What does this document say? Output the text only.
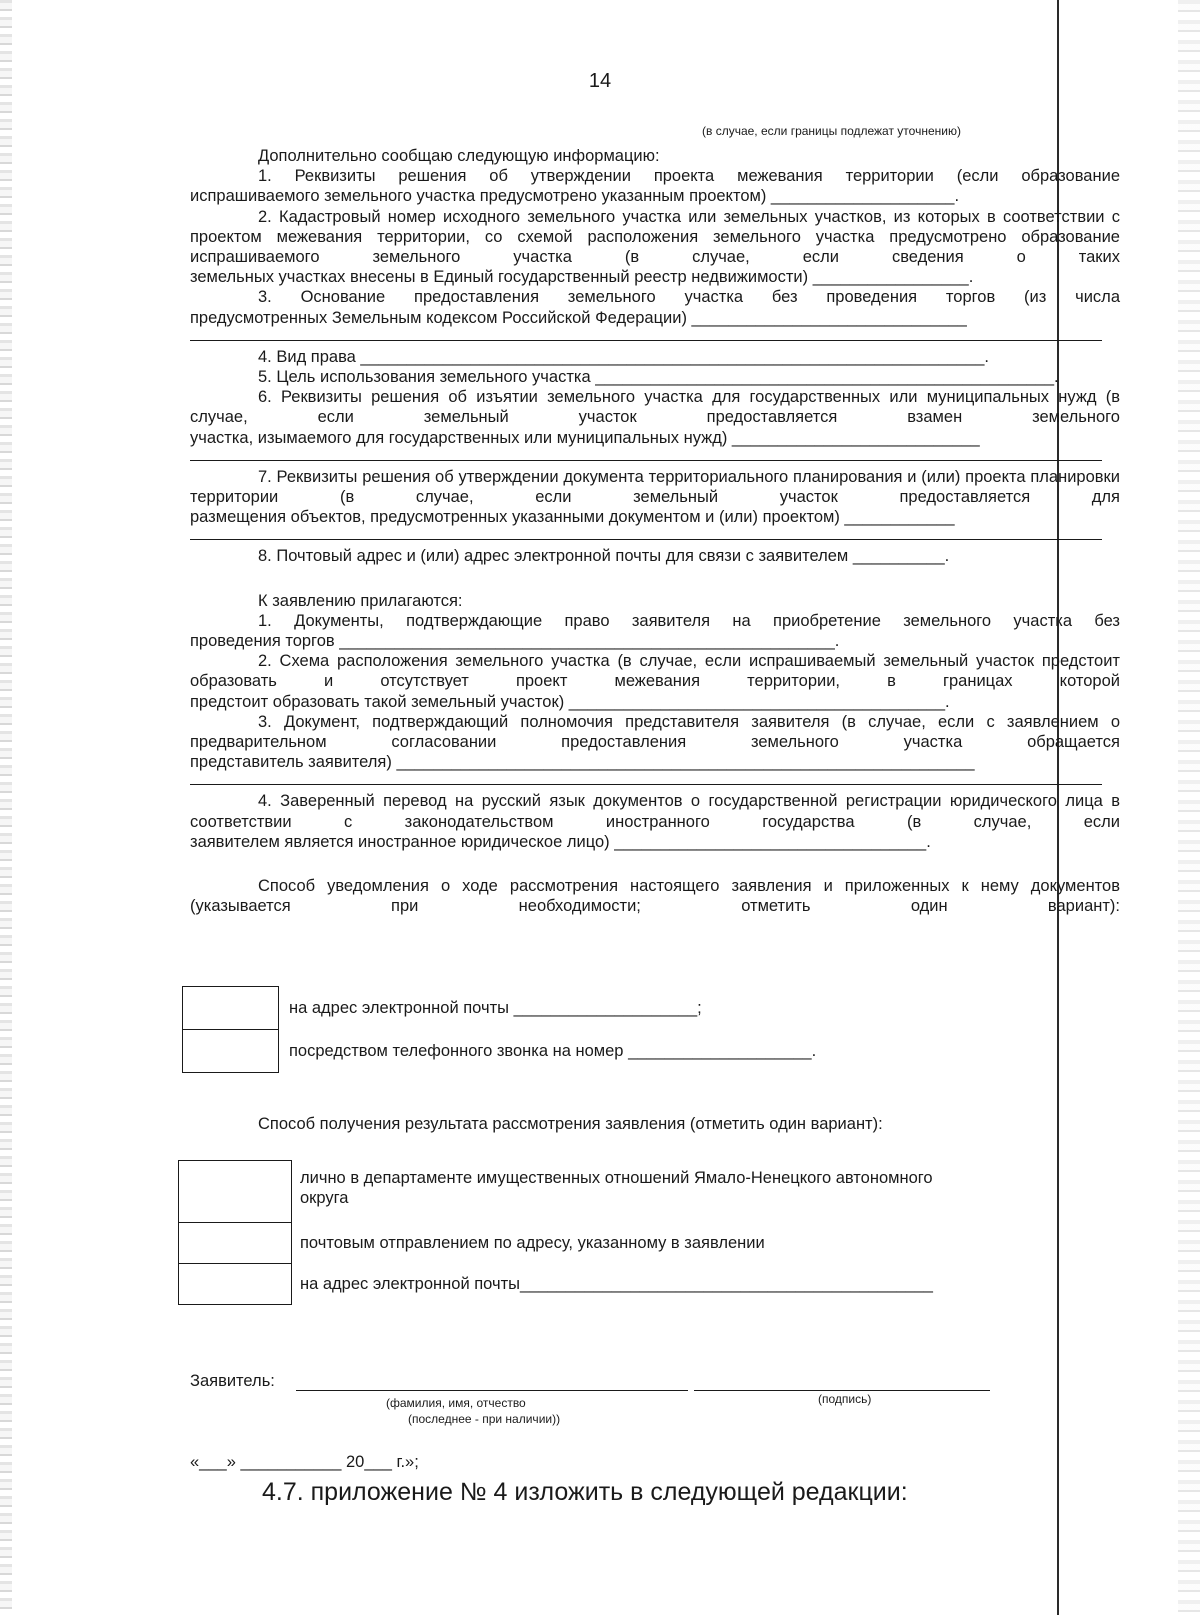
14
(в случае, если границы подлежат уточнению)

Дополнительно сообщаю следующую информацию:

1. Реквизиты решения об утверждении проекта межевания территории (если образование

испрашиваемого земельного участка предусмотрено указанным проектом) ____________________.

2. Кадастровый номер исходного земельного участка или земельных участков, из которых в соответствии с проектом межевания территории, со схемой расположения земельного участка предусмотрено образование испрашиваемого земельного участка (в случае, если сведения о таких

земельных участках внесены в Единый государственный реестр недвижимости) _________________.

3. Основание предоставления земельного участка без проведения торгов (из числа

предусмотренных Земельным кодексом Российской Федерации) ______________________________

4. Вид права ____________________________________________________________________.

5. Цель использования земельного участка __________________________________________________.

6. Реквизиты решения об изъятии земельного участка для государственных или муниципальных нужд (в случае, если земельный участок предоставляется взамен земельного

участка, изымаемого для государственных или муниципальных нужд) ___________________________

7. Реквизиты решения об утверждении документа территориального планирования и (или) проекта планировки территории (в случае, если земельный участок предоставляется для

размещения объектов, предусмотренных указанными документом и (или) проектом) ____________

8. Почтовый адрес и (или) адрес электронной почты для связи с заявителем __________.

К заявлению прилагаются:

1. Документы, подтверждающие право заявителя на приобретение земельного участка без

проведения торгов ______________________________________________________.

2. Схема расположения земельного участка (в случае, если испрашиваемый земельный участок предстоит образовать и отсутствует проект межевания территории, в границах которой

предстоит образовать такой земельный участок) _________________________________________.

3. Документ, подтверждающий полномочия представителя заявителя (в случае, если с заявлением о предварительном согласовании предоставления земельного участка обращается

представитель заявителя) _______________________________________________________________

4. Заверенный перевод на русский язык документов о государственной регистрации юридического лица в соответствии с законодательством иностранного государства (в случае, если

заявителем является иностранное юридическое лицо) __________________________________.

Способ уведомления о ходе рассмотрения настоящего заявления и приложенных к нему документов (указывается при необходимости; отметить один вариант):

на адрес электронной почты ____________________;
посредством телефонного звонка на номер ____________________.
Способ получения результата рассмотрения заявления (отметить один вариант):
лично в департаменте имущественных отношений Ямало-Ненецкого автономного округа
почтовым отправлением по адресу, указанному в заявлении
на адрес электронной почты_____________________________________________
Заявитель:
(фамилия, имя, отчество
(последнее - при наличии))
(подпись)
«___» ___________ 20___ г.»;
4.7. приложение № 4 изложить в следующей редакции:
